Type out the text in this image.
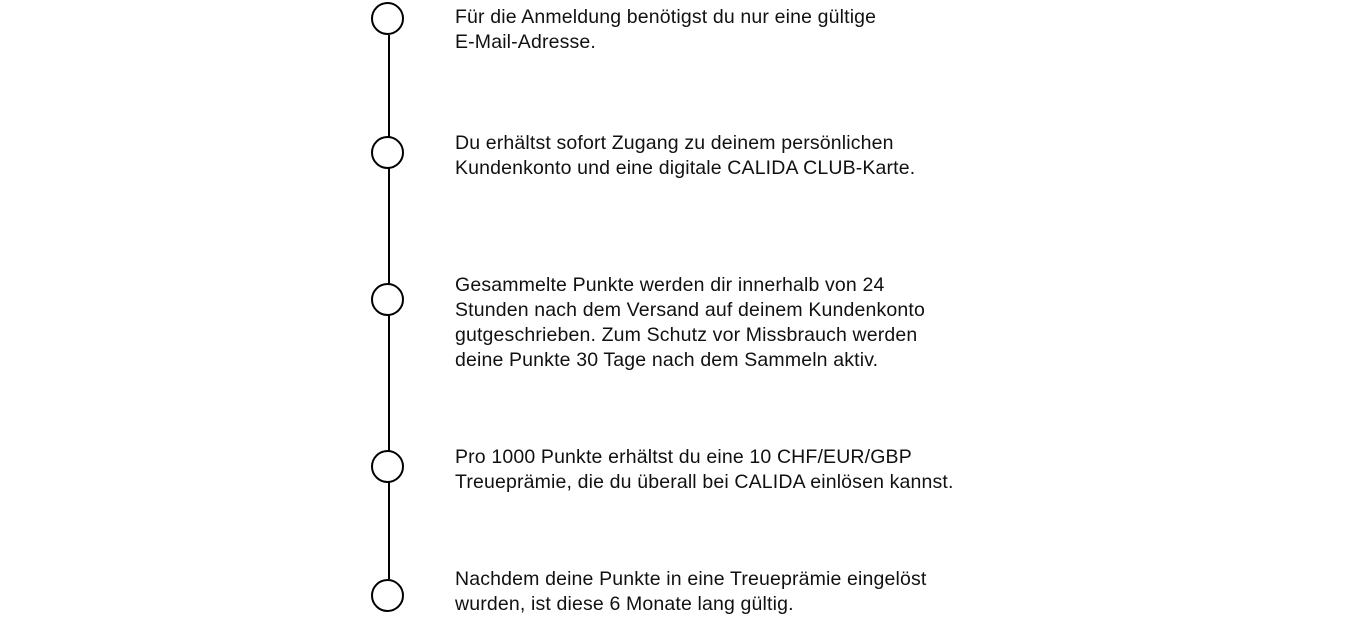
Für die Anmeldung benötigst du nur eine gültige
E-Mail-Adresse.
Du erhältst sofort Zugang zu deinem persönlichen
Kundenkonto und eine digitale CALIDA CLUB-Karte.
Gesammelte Punkte werden dir innerhalb von 24
Stunden nach dem Versand auf deinem Kundenkonto
gutgeschrieben. Zum Schutz vor Missbrauch werden
deine Punkte 30 Tage nach dem Sammeln aktiv.
Pro 1000 Punkte erhältst du eine 10 CHF/EUR/GBP
Treueprämie, die du überall bei CALIDA einlösen kannst.
Nachdem deine Punkte in eine Treueprämie eingelöst
wurden, ist diese 6 Monate lang gültig.
